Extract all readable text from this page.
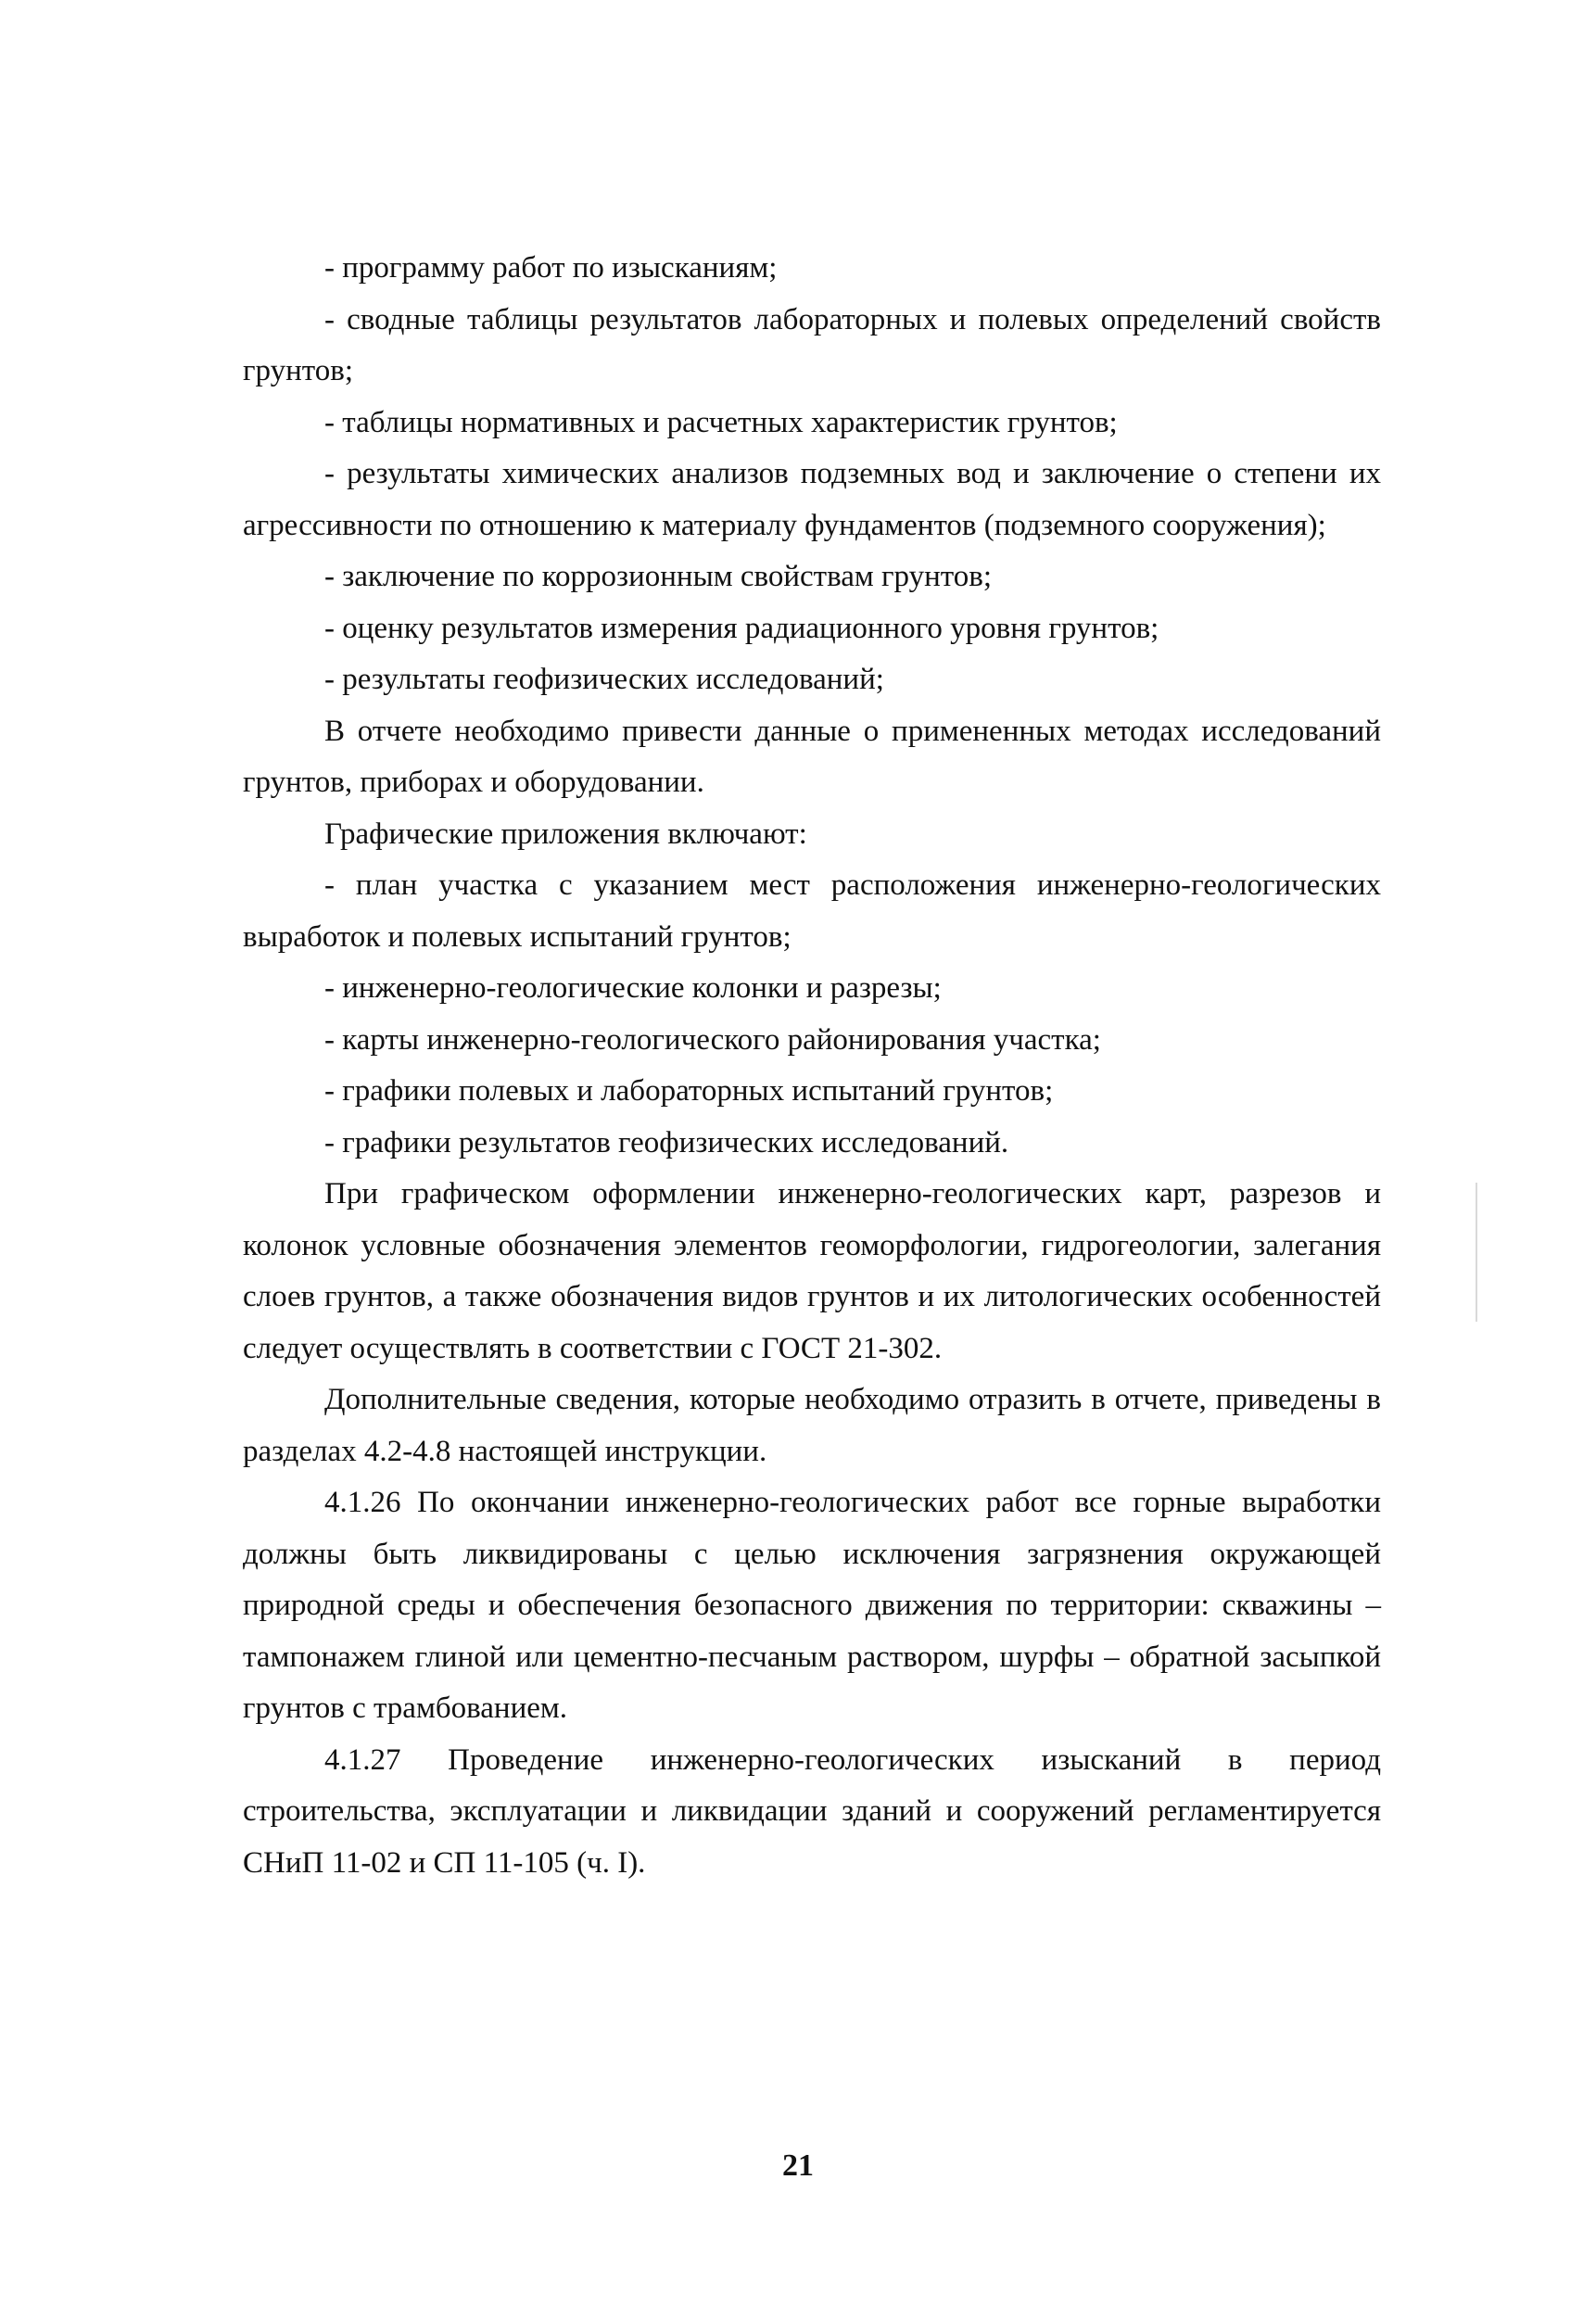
- программу работ по изысканиям;

- сводные таблицы результатов лабораторных и полевых определений свойств грунтов;

- таблицы нормативных и расчетных характеристик грунтов;

- результаты химических анализов подземных вод и заключение о степени их агрессивности по отношению к материалу фундаментов (подземного сооружения);

- заключение по коррозионным свойствам грунтов;

- оценку результатов измерения радиационного уровня грунтов;

- результаты геофизических исследований;

В отчете необходимо привести данные о примененных методах исследований грунтов, приборах и оборудовании.

Графические приложения включают:

- план участка с указанием мест расположения инженерно-геологических выработок и полевых испытаний грунтов;

- инженерно-геологические колонки и разрезы;

- карты инженерно-геологического районирования участка;

- графики полевых и лабораторных испытаний грунтов;

- графики результатов геофизических исследований.

При графическом оформлении инженерно-геологических карт, разрезов и колонок условные обозначения элементов геоморфологии, гидрогеологии, залегания слоев грунтов, а также обозначения видов грунтов и их литологических особенностей следует осуществлять в соответствии с ГОСТ 21-302.

Дополнительные сведения, которые необходимо отразить в отчете, приведены в разделах 4.2-4.8 настоящей инструкции.

4.1.26 По окончании инженерно-геологических работ все горные выработки должны быть ликвидированы с целью исключения загрязнения окружающей природной среды и обеспечения безопасного движения по территории: скважины – тампонажем глиной или цементно-песчаным раствором, шурфы – обратной засыпкой грунтов с трамбованием.

4.1.27 Проведение инженерно-геологических изысканий в период строительства, эксплуатации и ликвидации зданий и сооружений регламентируется СНиП 11-02 и СП 11-105 (ч. I).

21
